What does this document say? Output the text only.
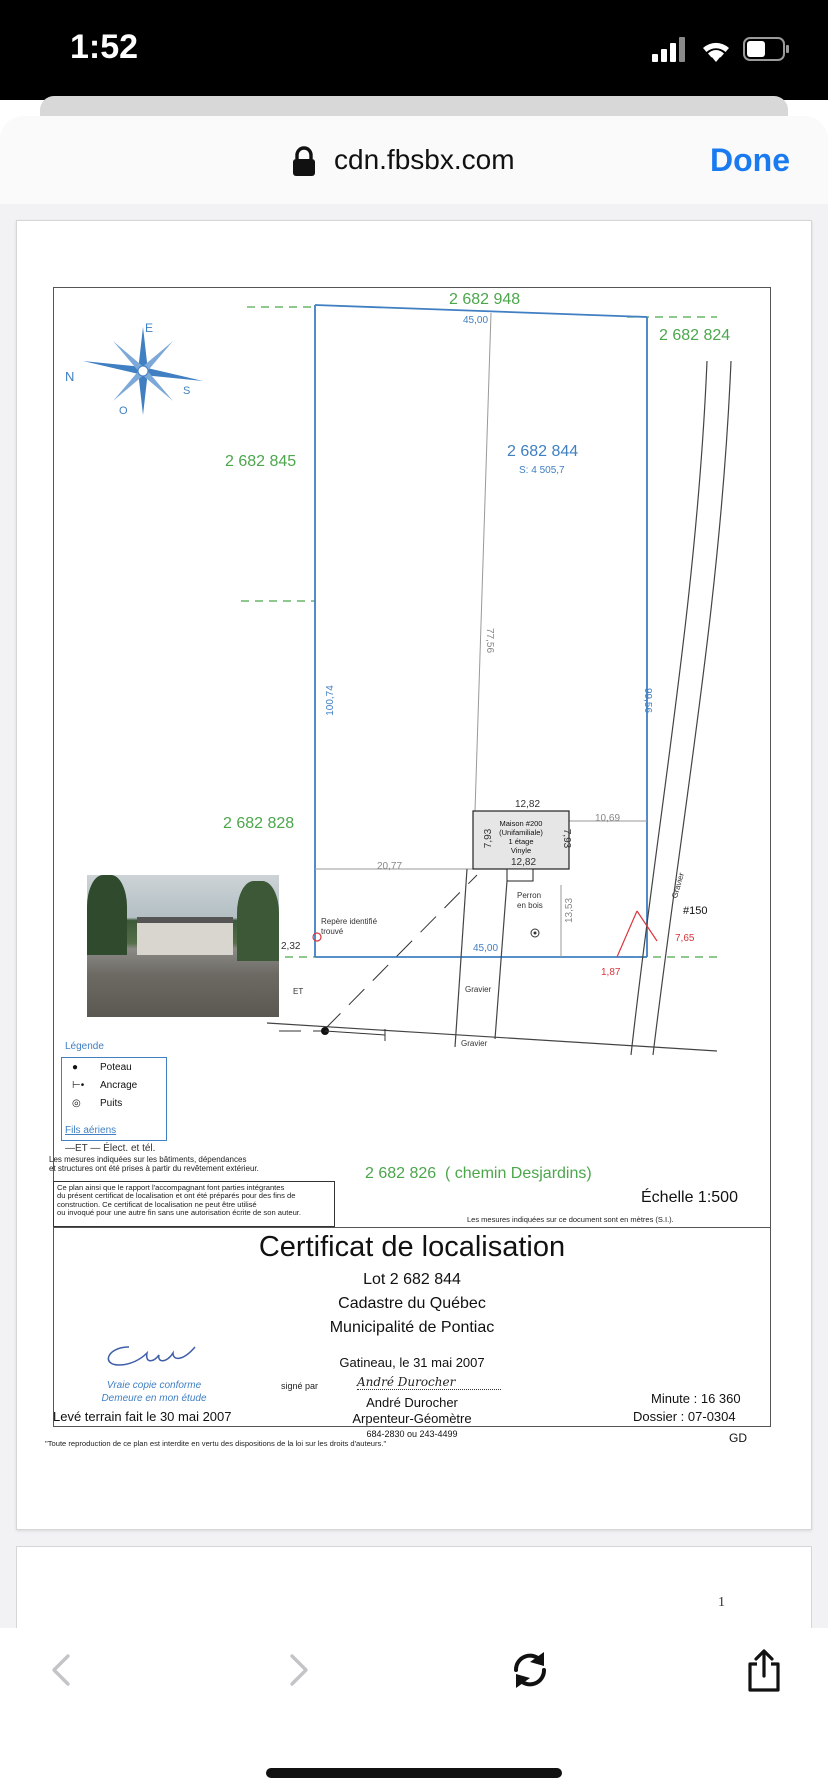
1:52
cdn.fbsbx.com	Done
N
E
S
O
2 682 948
2 682 824
2 682 845
2 682 844
S: 4 505,7
2 682 828
2 682 826 ( chemin Desjardins)
45,00
45,00
100,74	99,56
77,56
20,77
10,69
12,82
12,82
7,93	7,93
13,53
2,32
1,87
7,65
Maison #200
(Unifamiliale)
1 étage
Vinyle
Perron
en bois
Repère identifié
trouvé
Gravier
Gravier
Gravier
#150
ET
Légende
● Poteau
⊢• Ancrage
◎ Puits
Fils aériens
—ET — Élect. et tél.
Les mesures indiquées sur les bâtiments, dépendances
et structures ont été prises à partir du revêtement extérieur.
Ce plan ainsi que le rapport l'accompagnant font parties intégrantes
du présent certificat de localisation et ont été préparés pour des fins de
construction. Ce certificat de localisation ne peut être utilisé
ou invoqué pour une autre fin sans une autorisation écrite de son auteur.
Échelle 1:500
Les mesures indiquées sur ce document sont en mètres (S.I.).
Certificat de localisation
Lot 2 682 844
Cadastre du Québec
Municipalité de Pontiac
Gatineau, le 31 mai 2007
signé par	André Durocher
André Durocher
Arpenteur-Géomètre
684-2830 ou 243-4499
Vraie copie conforme
Demeure en mon étude
Levé terrain fait le 30 mai 2007
Minute : 16 360
Dossier : 07-0304
GD
"Toute reproduction de ce plan est interdite en vertu des dispositions de la loi sur les droits d'auteurs."
1
